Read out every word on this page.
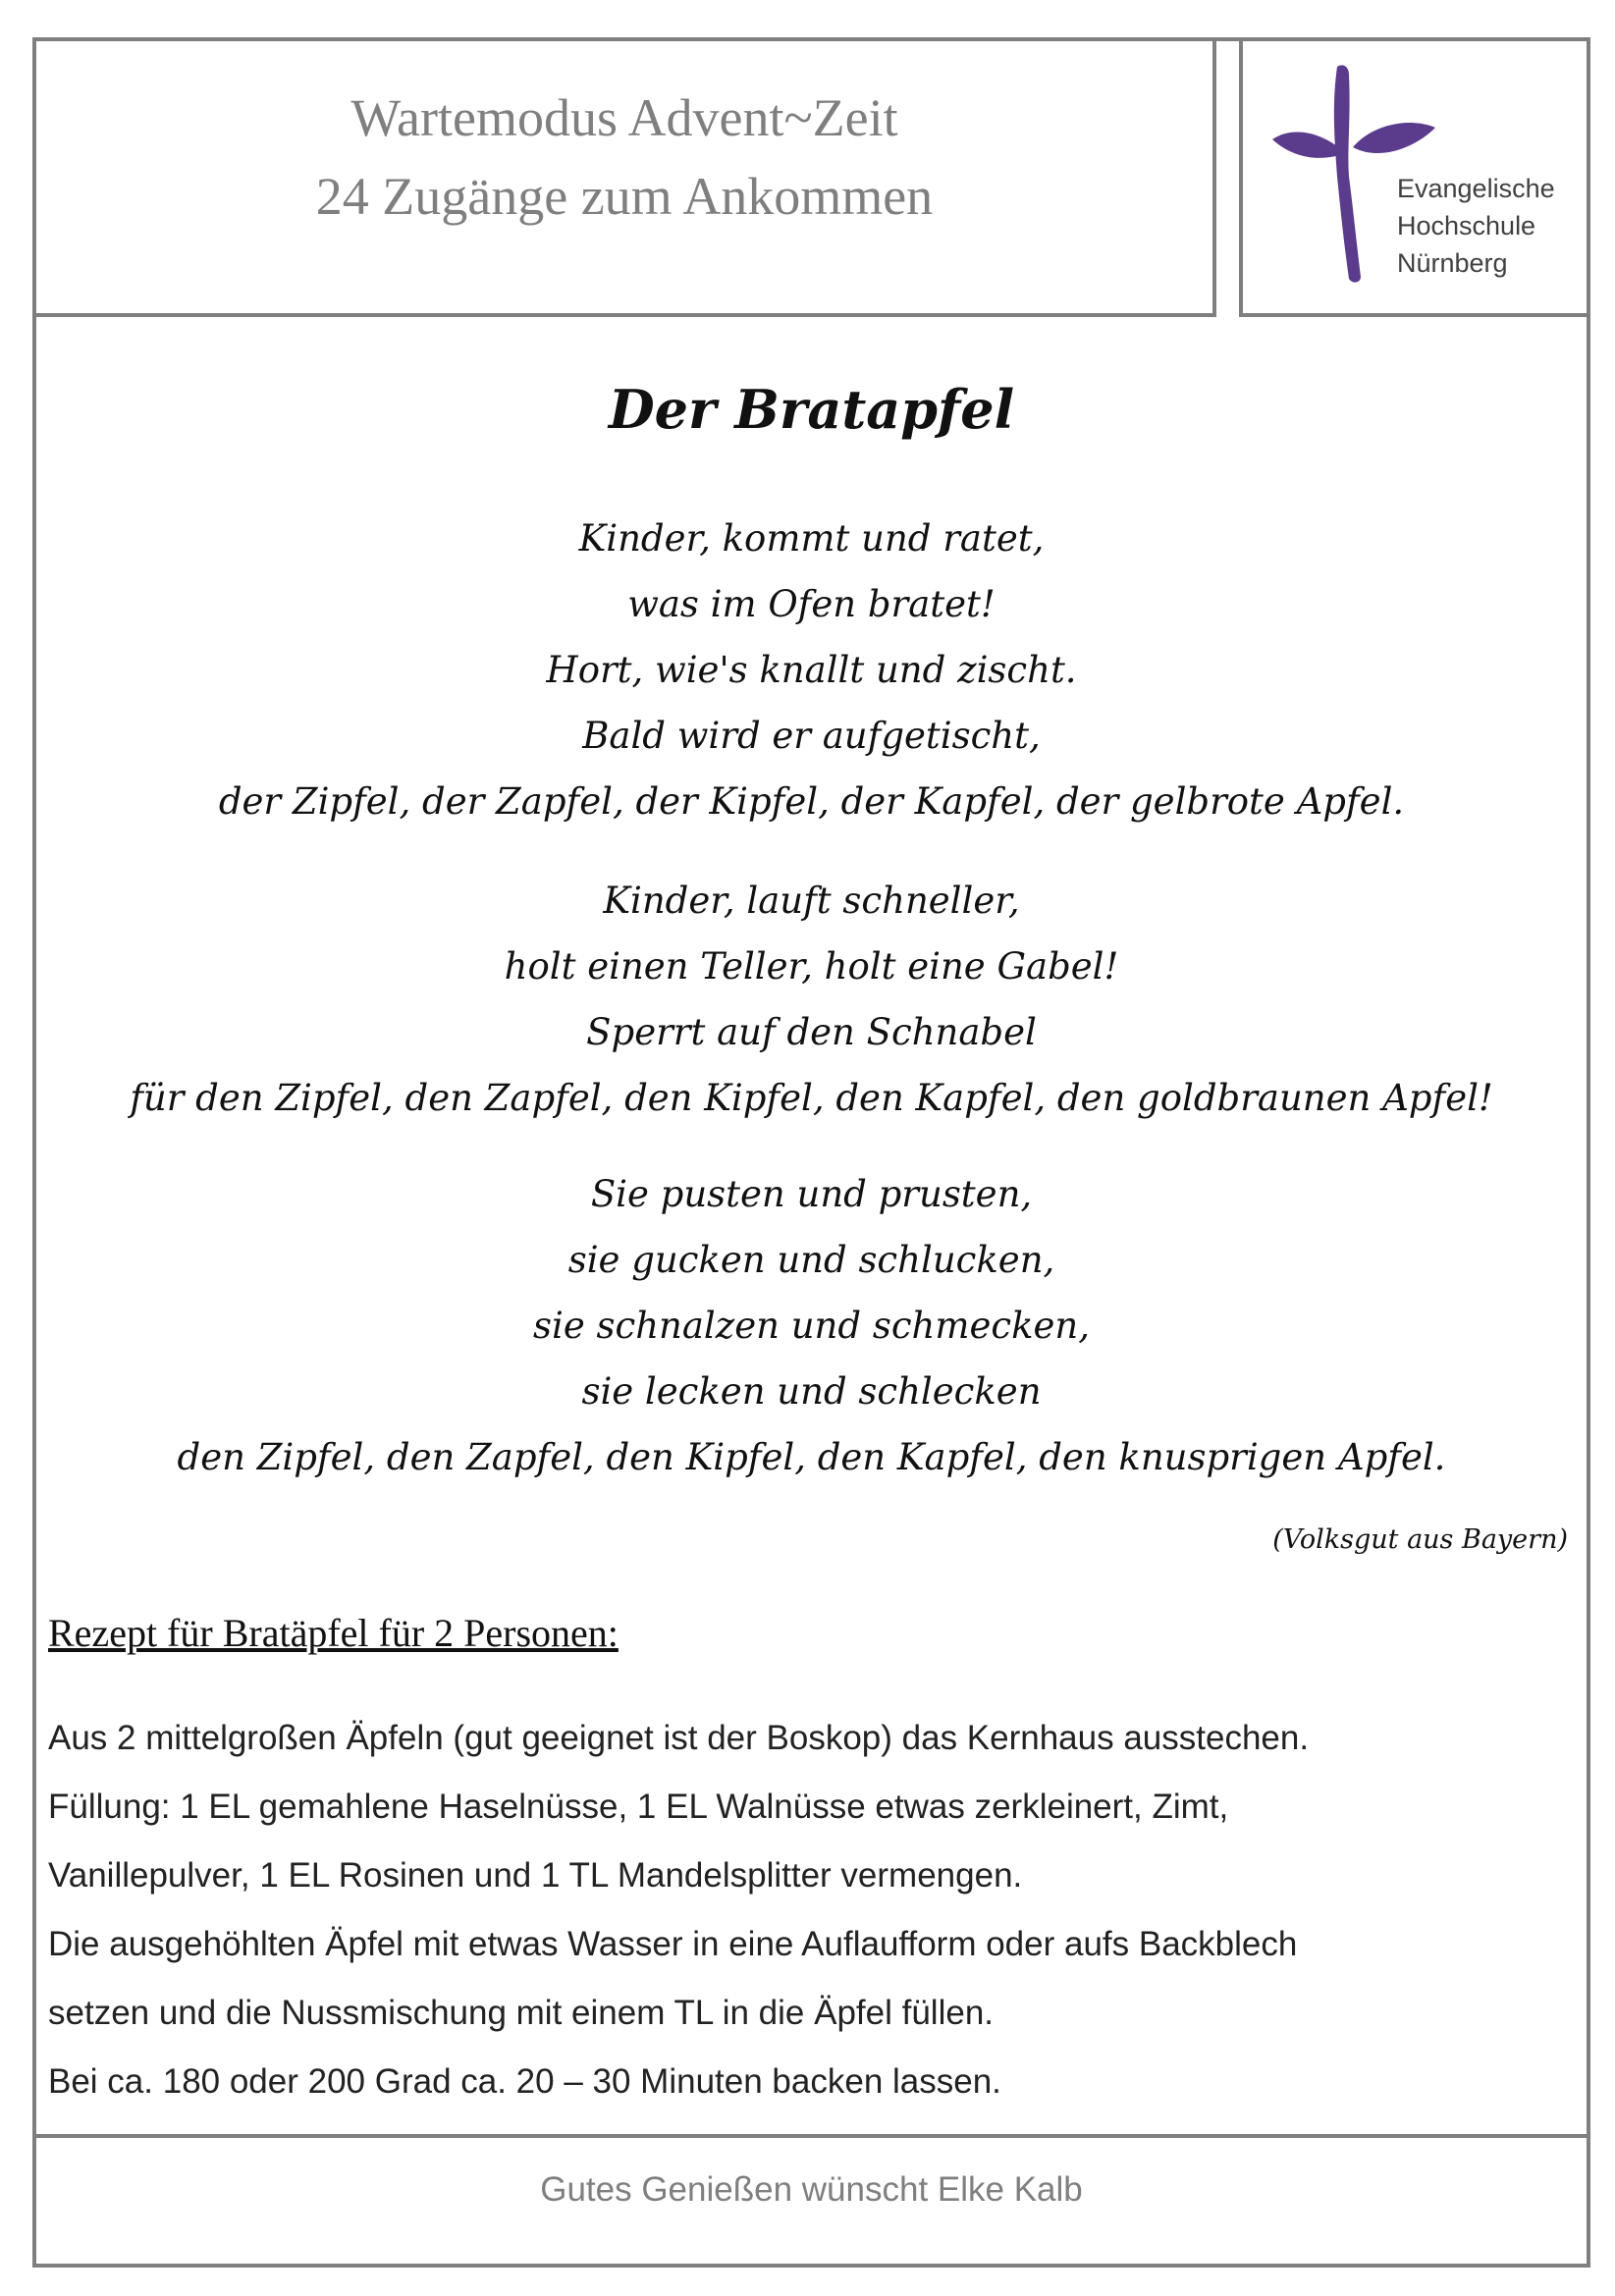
Wartemodus Advent~Zeit
24 Zugänge zum Ankommen	Evangelische
Hochschule
Nürnberg
Der Bratapfel
Kinder, kommt und ratet,
was im Ofen bratet!
Hort, wie's knallt und zischt.
Bald wird er aufgetischt,
der Zipfel, der Zapfel, der Kipfel, der Kapfel, der gelbrote Apfel.
Kinder, lauft schneller,
holt einen Teller, holt eine Gabel!
Sperrt auf den Schnabel
für den Zipfel, den Zapfel, den Kipfel, den Kapfel, den goldbraunen Apfel!
Sie pusten und prusten,
sie gucken und schlucken,
sie schnalzen und schmecken,
sie lecken und schlecken
den Zipfel, den Zapfel, den Kipfel, den Kapfel, den knusprigen Apfel.
(Volksgut aus Bayern)
Rezept für Bratäpfel für 2 Personen:
Aus 2 mittelgroßen Äpfeln (gut geeignet ist der Boskop) das Kernhaus ausstechen.
Füllung: 1 EL gemahlene Haselnüsse, 1 EL Walnüsse etwas zerkleinert, Zimt,
Vanillepulver, 1 EL Rosinen und 1 TL Mandelsplitter vermengen.
Die ausgehöhlten Äpfel mit etwas Wasser in eine Auflaufform oder aufs Backblech
setzen und die Nussmischung mit einem TL in die Äpfel füllen.
Bei ca. 180 oder 200 Grad ca. 20 – 30 Minuten backen lassen.
Gutes Genießen wünscht Elke Kalb
